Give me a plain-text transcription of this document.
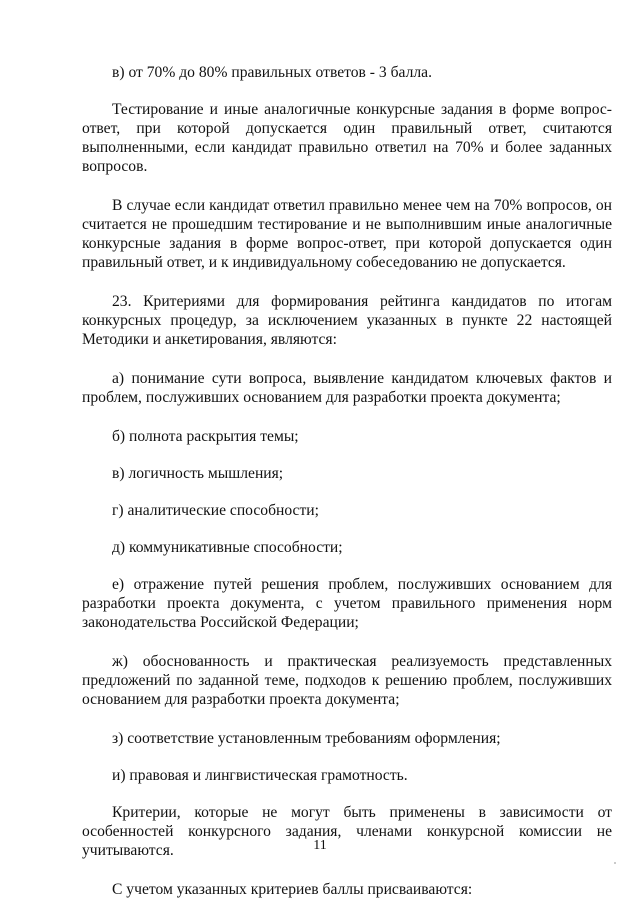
в) от 70% до 80% правильных ответов - 3 балла.

Тестирование и иные аналогичные конкурсные задания в форме вопрос-ответ, при которой допускается один правильный ответ, считаются выполненными, если кандидат правильно ответил на 70% и более заданных вопросов.

В случае если кандидат ответил правильно менее чем на 70% вопросов, он считается не прошедшим тестирование и не выполнившим иные аналогичные конкурсные задания в форме вопрос-ответ, при которой допускается один правильный ответ, и к индивидуальному собеседованию не допускается.

23. Критериями для формирования рейтинга кандидатов по итогам конкурсных процедур, за исключением указанных в пункте 22 настоящей Методики и анкетирования, являются:

а) понимание сути вопроса, выявление кандидатом ключевых фактов и проблем, послуживших основанием для разработки проекта документа;

б) полнота раскрытия темы;

в) логичность мышления;

г) аналитические способности;

д) коммуникативные способности;

е) отражение путей решения проблем, послуживших основанием для разработки проекта документа, с учетом правильного применения норм законодательства Российской Федерации;

ж) обоснованность и практическая реализуемость представленных предложений по заданной теме, подходов к решению проблем, послуживших основанием для разработки проекта документа;

з) соответствие установленным требованиям оформления;

и) правовая и лингвистическая грамотность.

Критерии, которые не могут быть применены в зависимости от особенностей конкурсного задания, членами конкурсной комиссии не учитываются.

С учетом указанных критериев баллы присваиваются:

11
